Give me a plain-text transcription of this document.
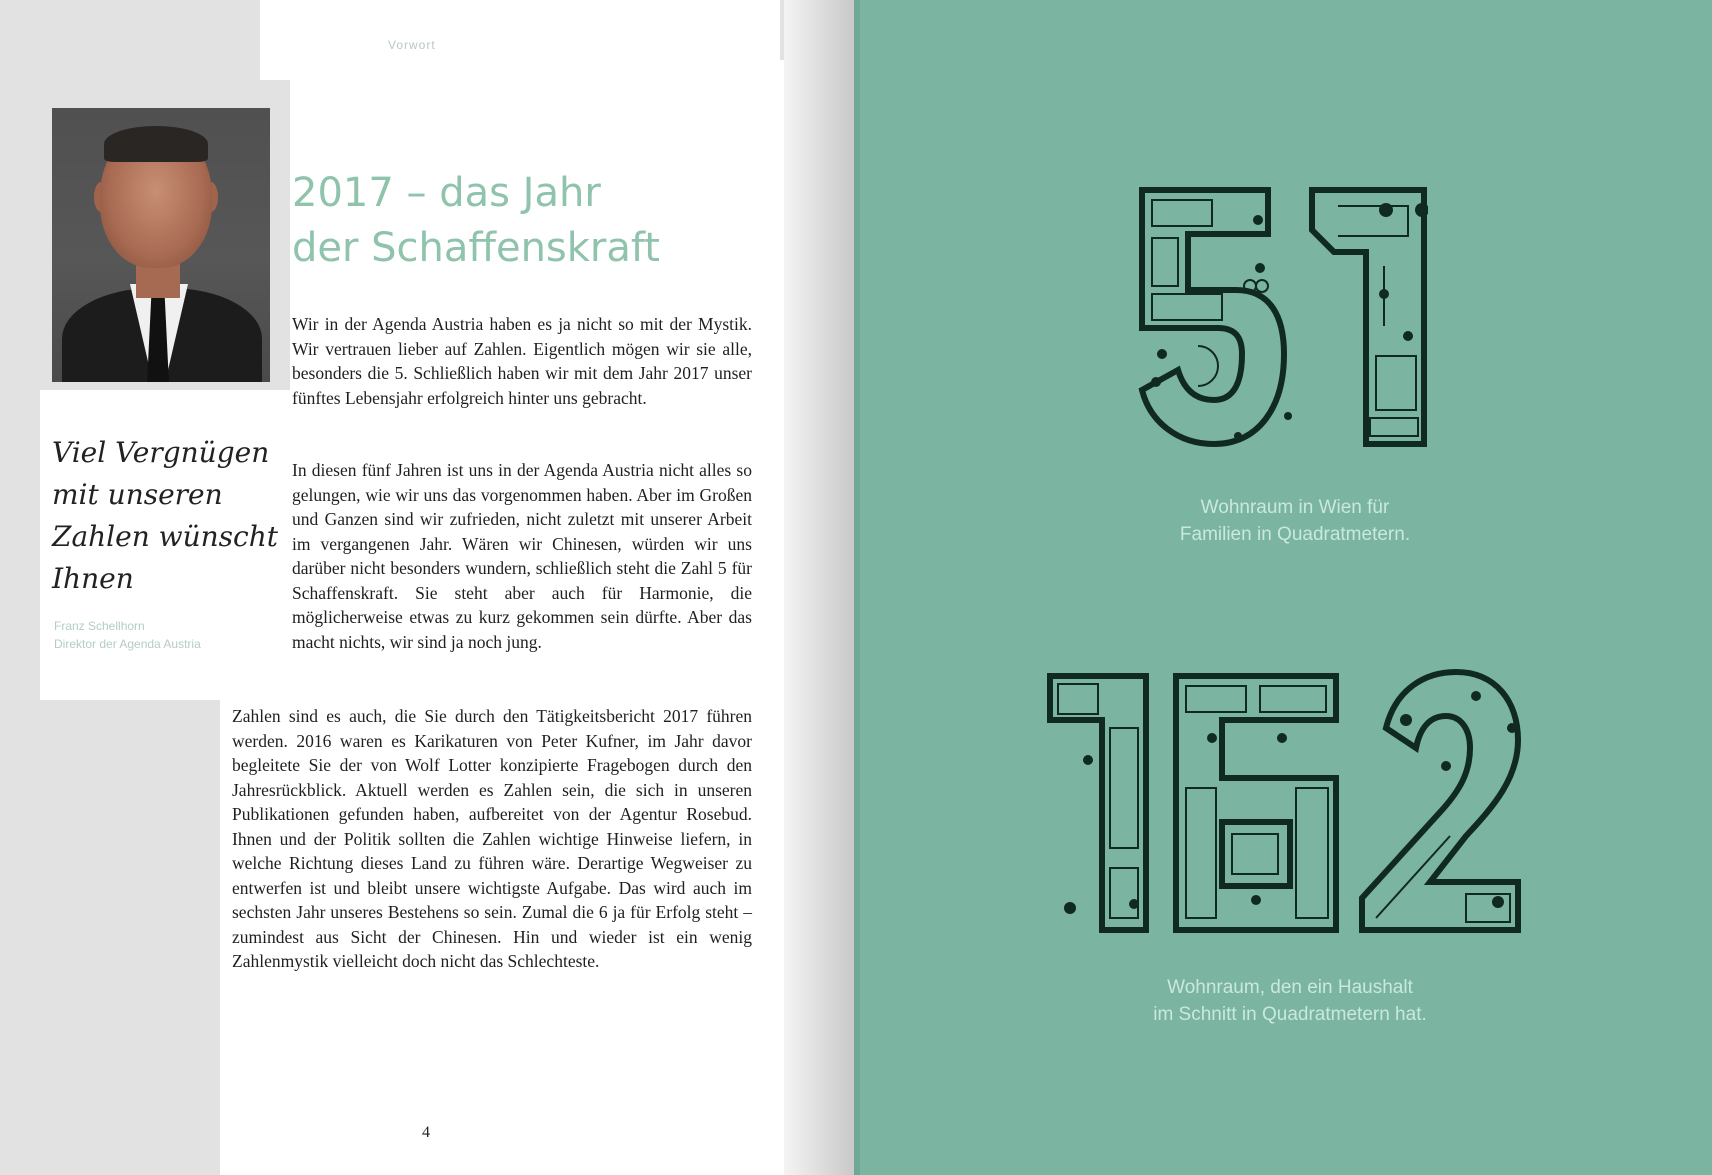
Vorwort
2017 – das Jahr
der Schaffenskraft

Viel Vergnügen mit unseren Zahlen wünscht Ihnen

Franz Schellhorn
Direktor der Agenda Austria

Wir in der Agenda Austria haben es ja nicht so mit der Mystik. Wir vertrauen lieber auf Zahlen. Eigentlich mögen wir sie alle, besonders die 5. Schließlich haben wir mit dem Jahr 2017 unser fünftes Lebensjahr erfolgreich hinter uns gebracht.

In diesen fünf Jahren ist uns in der Agenda Austria nicht alles so gelungen, wie wir uns das vorgenommen haben. Aber im Großen und Ganzen sind wir zufrieden, nicht zuletzt mit unserer Arbeit im vergangenen Jahr. Wären wir Chinesen, würden wir uns darüber nicht besonders wundern, schließlich steht die Zahl 5 für Schaffenskraft. Sie steht aber auch für Harmonie, die möglicherweise etwas zu kurz gekommen sein dürfte. Aber das macht nichts, wir sind ja noch jung.

Zahlen sind es auch, die Sie durch den Tätigkeitsbericht 2017 führen werden. 2016 waren es Karikaturen von Peter Kufner, im Jahr davor begleitete Sie der von Wolf Lotter konzipierte Fragebogen durch den Jahresrückblick. Aktuell werden es Zahlen sein, die sich in unseren Publikationen gefunden haben, aufbereitet von der Agentur Rosebud. Ihnen und der Politik sollten die Zahlen wichtige Hinweise liefern, in welche Richtung dieses Land zu führen wäre. Derartige Wegweiser zu entwerfen ist und bleibt unsere wichtigste Aufgabe. Das wird auch im sechsten Jahr unseres Bestehens so sein. Zumal die 6 ja für Erfolg steht – zumindest aus Sicht der Chinesen. Hin und wieder ist ein wenig Zahlenmystik vielleicht doch nicht das Schlechteste.

4
Wohnraum in Wien für
Familien in Quadratmetern.
Wohnraum, den ein Haushalt
im Schnitt in Quadratmetern hat.
